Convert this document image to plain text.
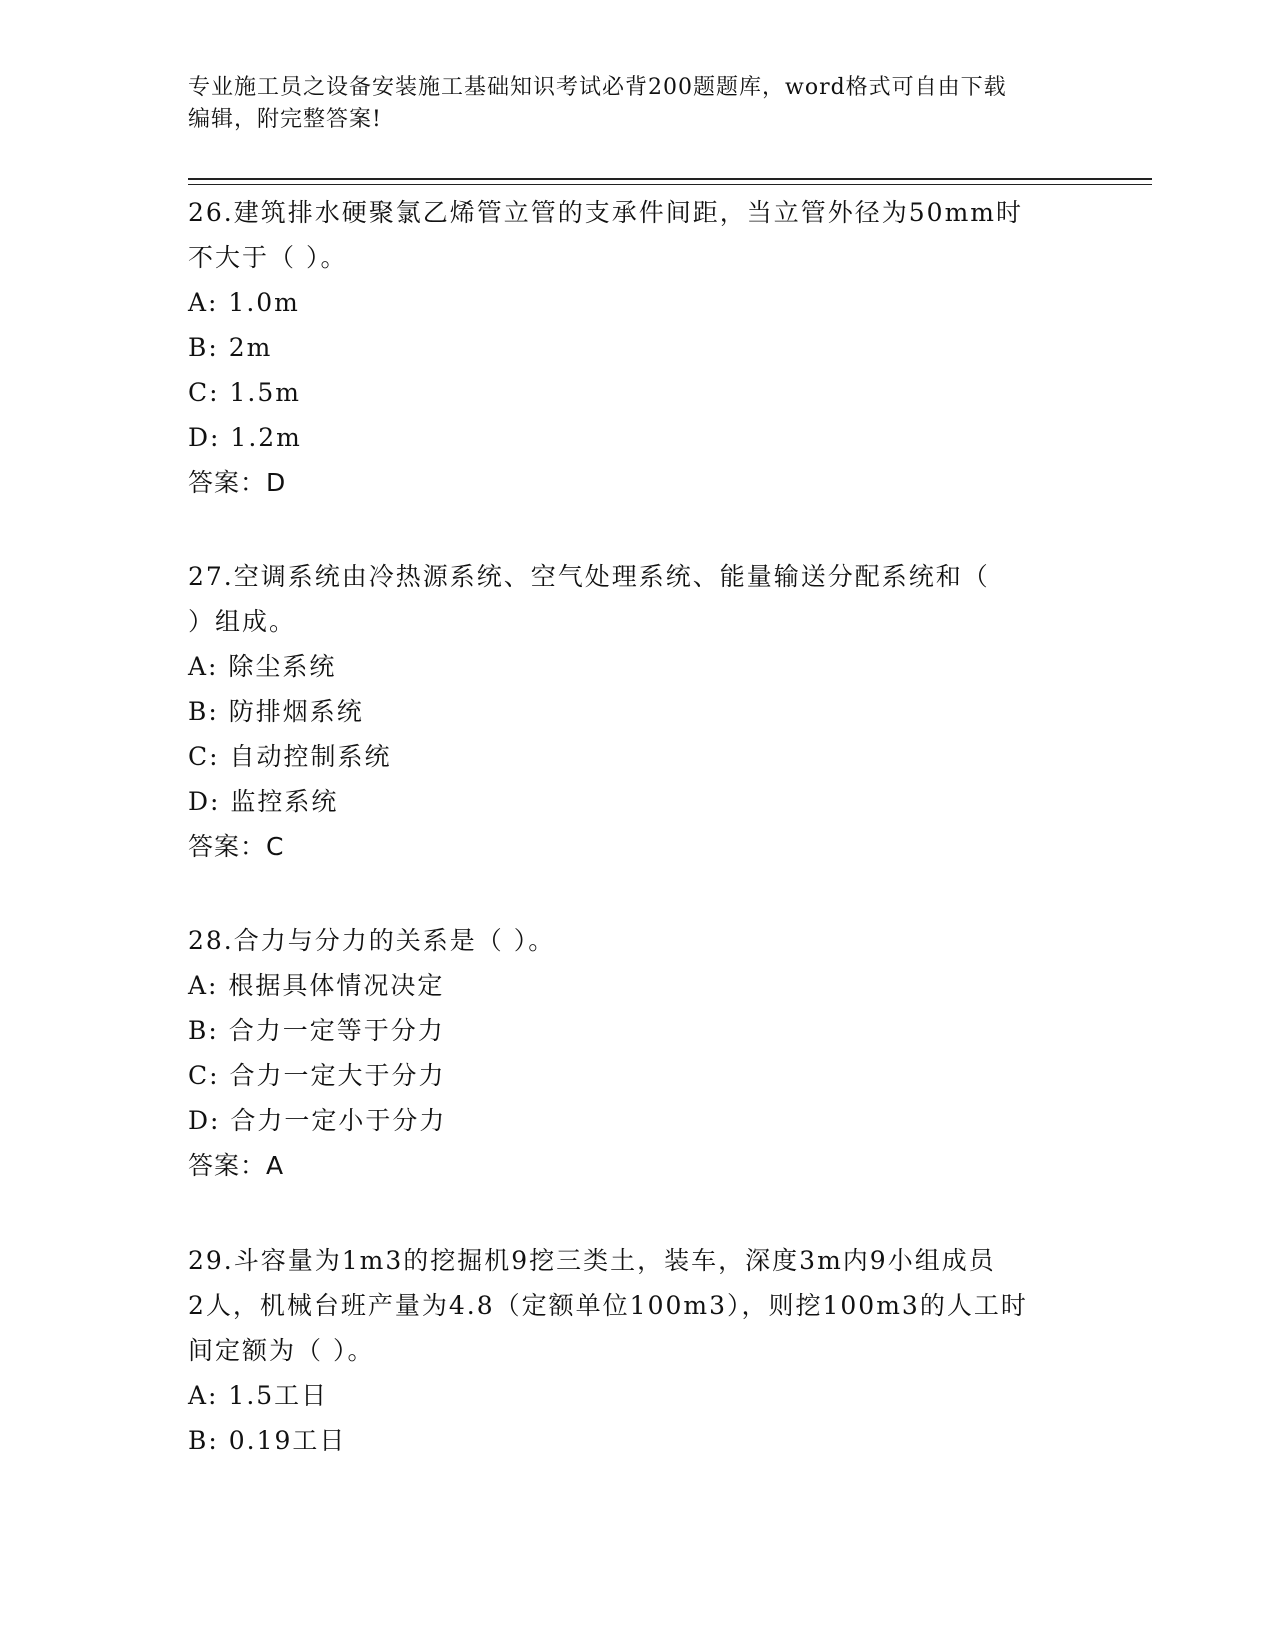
专业施工员之设备安装施工基础知识考试必背200题题库，word格式可自由下载
编辑，附完整答案!

26.建筑排水硬聚氯乙烯管立管的支承件间距，当立管外径为50mm时

不大于（ ）。

A: 1.0m

B: 2m

C: 1.5m

D: 1.2m

答案：D

27.空调系统由冷热源系统、空气处理系统、能量输送分配系统和（

）组成。

A: 除尘系统

B: 防排烟系统

C: 自动控制系统

D: 监控系统

答案：C

28.合力与分力的关系是（ ）。

A: 根据具体情况决定

B: 合力一定等于分力

C: 合力一定大于分力

D: 合力一定小于分力

答案：A

29.斗容量为1m3的挖掘机9挖三类土，装车，深度3m内9小组成员

2人，机械台班产量为4.8（定额单位100m3），则挖100m3的人工时

间定额为（ ）。

A: 1.5工日

B: 0.19工日
